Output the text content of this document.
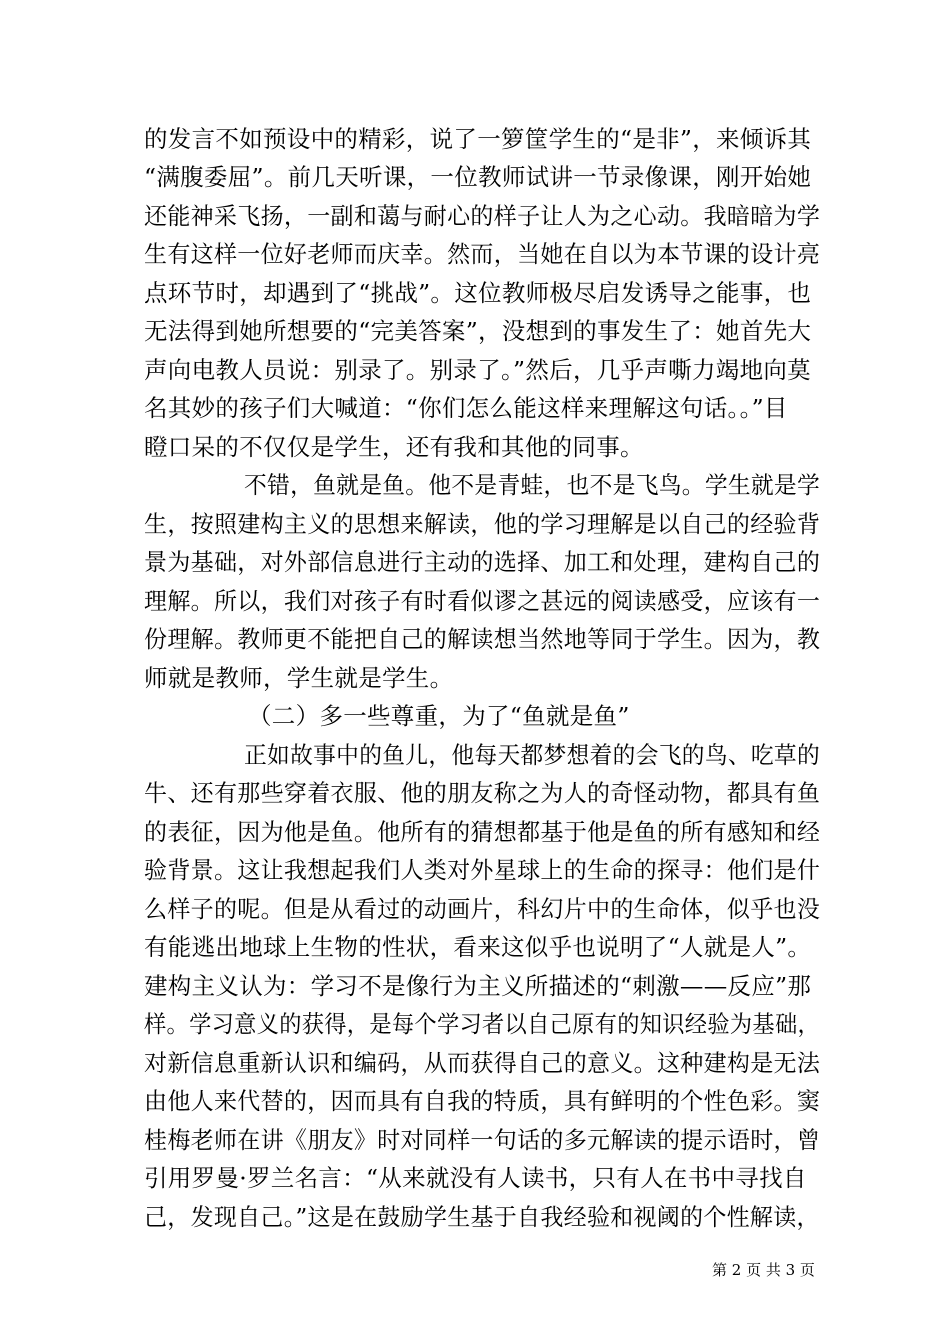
的发言不如预设中的精彩，说了一箩筐学生的“是非”，来倾诉其
“满腹委屈”。前几天听课，一位教师试讲一节录像课，刚开始她
还能神采飞扬，一副和蔼与耐心的样子让人为之心动。我暗暗为学
生有这样一位好老师而庆幸。然而，当她在自以为本节课的设计亮
点环节时，却遇到了“挑战”。这位教师极尽启发诱导之能事，也
无法得到她所想要的“完美答案”，没想到的事发生了：她首先大
声向电教人员说：别录了。别录了。”然后，几乎声嘶力竭地向莫
名其妙的孩子们大喊道：“你们怎么能这样来理解这句话。。”目
瞪口呆的不仅仅是学生，还有我和其他的同事。
不错，鱼就是鱼。他不是青蛙，也不是飞鸟。学生就是学
生，按照建构主义的思想来解读，他的学习理解是以自己的经验背
景为基础，对外部信息进行主动的选择、加工和处理，建构自己的
理解。所以，我们对孩子有时看似谬之甚远的阅读感受，应该有一
份理解。教师更不能把自己的解读想当然地等同于学生。因为，教
师就是教师，学生就是学生。
（二）多一些尊重，为了“鱼就是鱼”
正如故事中的鱼儿，他每天都梦想着的会飞的鸟、吃草的
牛、还有那些穿着衣服、他的朋友称之为人的奇怪动物，都具有鱼
的表征，因为他是鱼。他所有的猜想都基于他是鱼的所有感知和经
验背景。这让我想起我们人类对外星球上的生命的探寻：他们是什
么样子的呢。但是从看过的动画片，科幻片中的生命体，似乎也没
有能逃出地球上生物的性状，看来这似乎也说明了“人就是人”。
建构主义认为：学习不是像行为主义所描述的“刺激——反应”那
样。学习意义的获得，是每个学习者以自己原有的知识经验为基础，
对新信息重新认识和编码，从而获得自己的意义。这种建构是无法
由他人来代替的，因而具有自我的特质，具有鲜明的个性色彩。窦
桂梅老师在讲《朋友》时对同样一句话的多元解读的提示语时，曾
引用罗曼·罗兰名言：“从来就没有人读书，只有人在书中寻找自
己，发现自己。”这是在鼓励学生基于自我经验和视阈的个性解读，
第 2 页 共 3 页
